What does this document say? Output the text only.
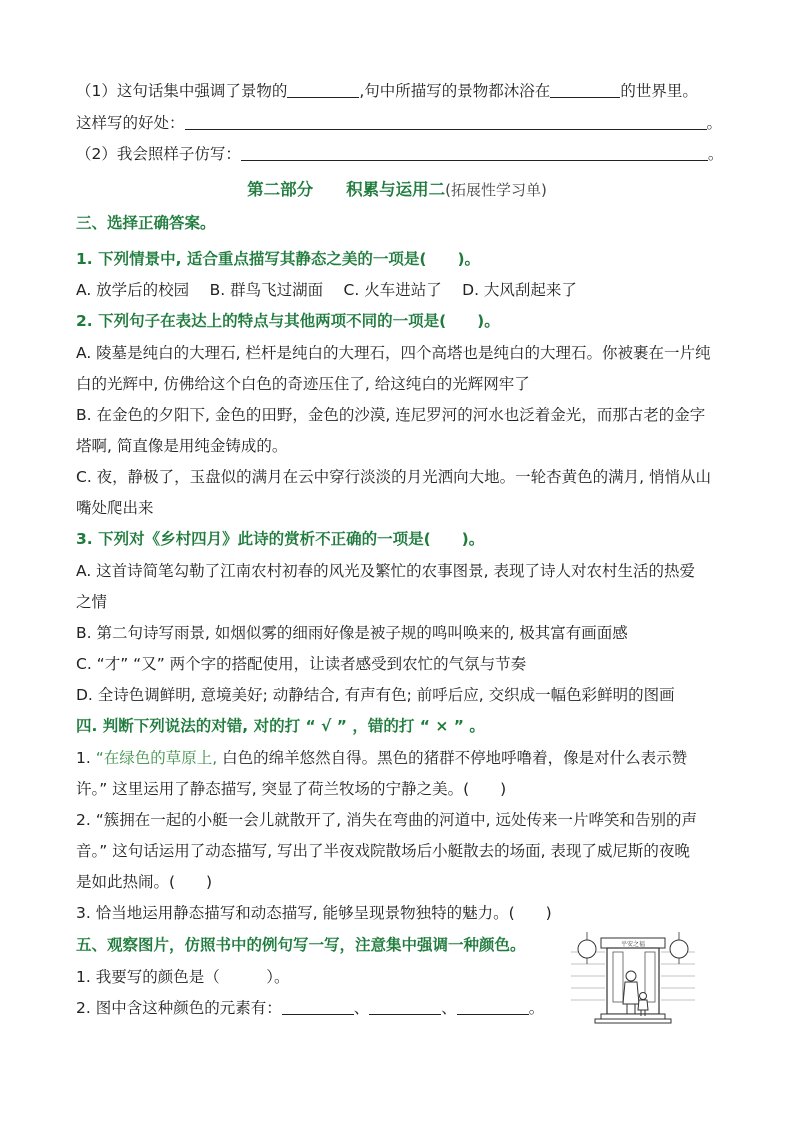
（1）这句话集中强调了景物的	,句中所描写的景物都沐浴在	的世界里。
这样写的好处：	。
（2）我会照样子仿写：	。
第二部分　　积累与运用二(拓展性学习单)
三、选择正确答案。
1. 下列情景中, 适合重点描写其静态之美的一项是(　　)。
A. 放学后的校园　 B. 群鸟飞过湖面　 C. 火车进站了　 D. 大风刮起来了
2. 下列句子在表达上的特点与其他两项不同的一项是(　　)。
A. 陵墓是纯白的大理石, 栏杆是纯白的大理石，四个高塔也是纯白的大理石。你被裹在一片纯
白的光辉中, 仿佛给这个白色的奇迹压住了, 给这纯白的光辉网牢了
B. 在金色的夕阳下, 金色的田野，金色的沙漠, 连尼罗河的河水也泛着金光，而那古老的金字
塔啊, 简直像是用纯金铸成的。
C. 夜，静极了，玉盘似的满月在云中穿行淡淡的月光洒向大地。一轮杏黄色的满月, 悄悄从山
嘴处爬出来
3. 下列对《乡村四月》此诗的赏析不正确的一项是(　　)。
A. 这首诗简笔勾勒了江南农村初春的风光及繁忙的农事图景, 表现了诗人对农村生活的热爱
之情
B. 第二句诗写雨景, 如烟似雾的细雨好像是被子规的鸣叫唤来的, 极其富有画面感
C. “才” “又” 两个字的搭配使用，让读者感受到农忙的气氛与节奏
D. 全诗色调鲜明, 意境美好; 动静结合, 有声有色; 前呼后应, 交织成一幅色彩鲜明的图画
四. 判断下列说法的对错, 对的打 “ √ ” ，错的打 “ × ” 。
1. “在绿色的草原上, 白色的绵羊悠然自得。黑色的猪群不停地呼噜着，像是对什么表示赞
许。” 这里运用了静态描写, 突显了荷兰牧场的宁静之美。(　　)
2. “簇拥在一起的小艇一会儿就散开了, 消失在弯曲的河道中, 远处传来一片哗笑和告别的声
音。” 这句话运用了动态描写, 写出了半夜戏院散场后小艇散去的场面, 表现了威尼斯的夜晚
是如此热闹。(　　)
3. 恰当地运用静态描写和动态描写, 能够呈现景物独特的魅力。(　　)
五、观察图片，仿照书中的例句写一写，注意集中强调一种颜色。
1. 我要写的颜色是（　　　）。
2. 图中含这种颜色的元素有：	、	、	。
平安之福
